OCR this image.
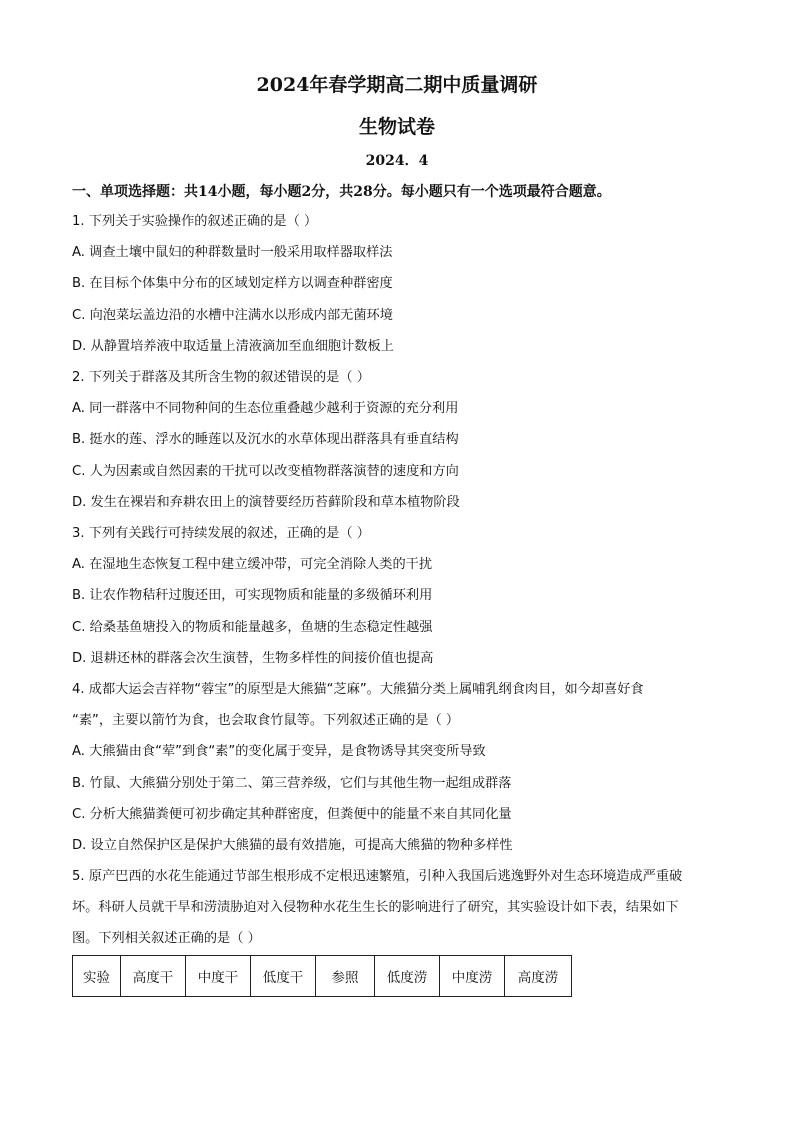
2024年春学期高二期中质量调研
生物试卷
2024．4
一、单项选择题：共14小题，每小题2分，共28分。每小题只有一个选项最符合题意。
1. 下列关于实验操作的叙述正确的是（ ）
A. 调查土壤中鼠妇的种群数量时一般采用取样器取样法
B. 在目标个体集中分布的区域划定样方以调查种群密度
C. 向泡菜坛盖边沿的水槽中注满水以形成内部无菌环境
D. 从静置培养液中取适量上清液滴加至血细胞计数板上
2. 下列关于群落及其所含生物的叙述错误的是（ ）
A. 同一群落中不同物种间的生态位重叠越少越利于资源的充分利用
B. 挺水的莲、浮水的睡莲以及沉水的水草体现出群落具有垂直结构
C. 人为因素或自然因素的干扰可以改变植物群落演替的速度和方向
D. 发生在裸岩和弃耕农田上的演替要经历苔藓阶段和草本植物阶段
3. 下列有关践行可持续发展的叙述，正确的是（ ）
A. 在湿地生态恢复工程中建立缓冲带，可完全消除人类的干扰
B. 让农作物秸秆过腹还田，可实现物质和能量的多级循环利用
C. 给桑基鱼塘投入的物质和能量越多，鱼塘的生态稳定性越强
D. 退耕还林的群落会次生演替，生物多样性的间接价值也提高
4. 成都大运会吉祥物“蓉宝”的原型是大熊猫“芝麻”。大熊猫分类上属哺乳纲食肉目，如今却喜好食
“素”，主要以箭竹为食，也会取食竹鼠等。下列叙述正确的是（ ）
A. 大熊猫由食“荤”到食“素”的变化属于变异，是食物诱导其突变所导致
B. 竹鼠、大熊猫分别处于第二、第三营养级，它们与其他生物一起组成群落
C. 分析大熊猫粪便可初步确定其种群密度，但粪便中的能量不来自其同化量
D. 设立自然保护区是保护大熊猫的最有效措施，可提高大熊猫的物种多样性
5. 原产巴西的水花生能通过节部生根形成不定根迅速繁殖，引种入我国后逃逸野外对生态环境造成严重破
坏。科研人员就干旱和涝渍胁迫对入侵物种水花生生长的影响进行了研究，其实验设计如下表，结果如下
图。下列相关叙述正确的是（ ）
实验	高度干	中度干	低度干	参照	低度涝	中度涝	高度涝
